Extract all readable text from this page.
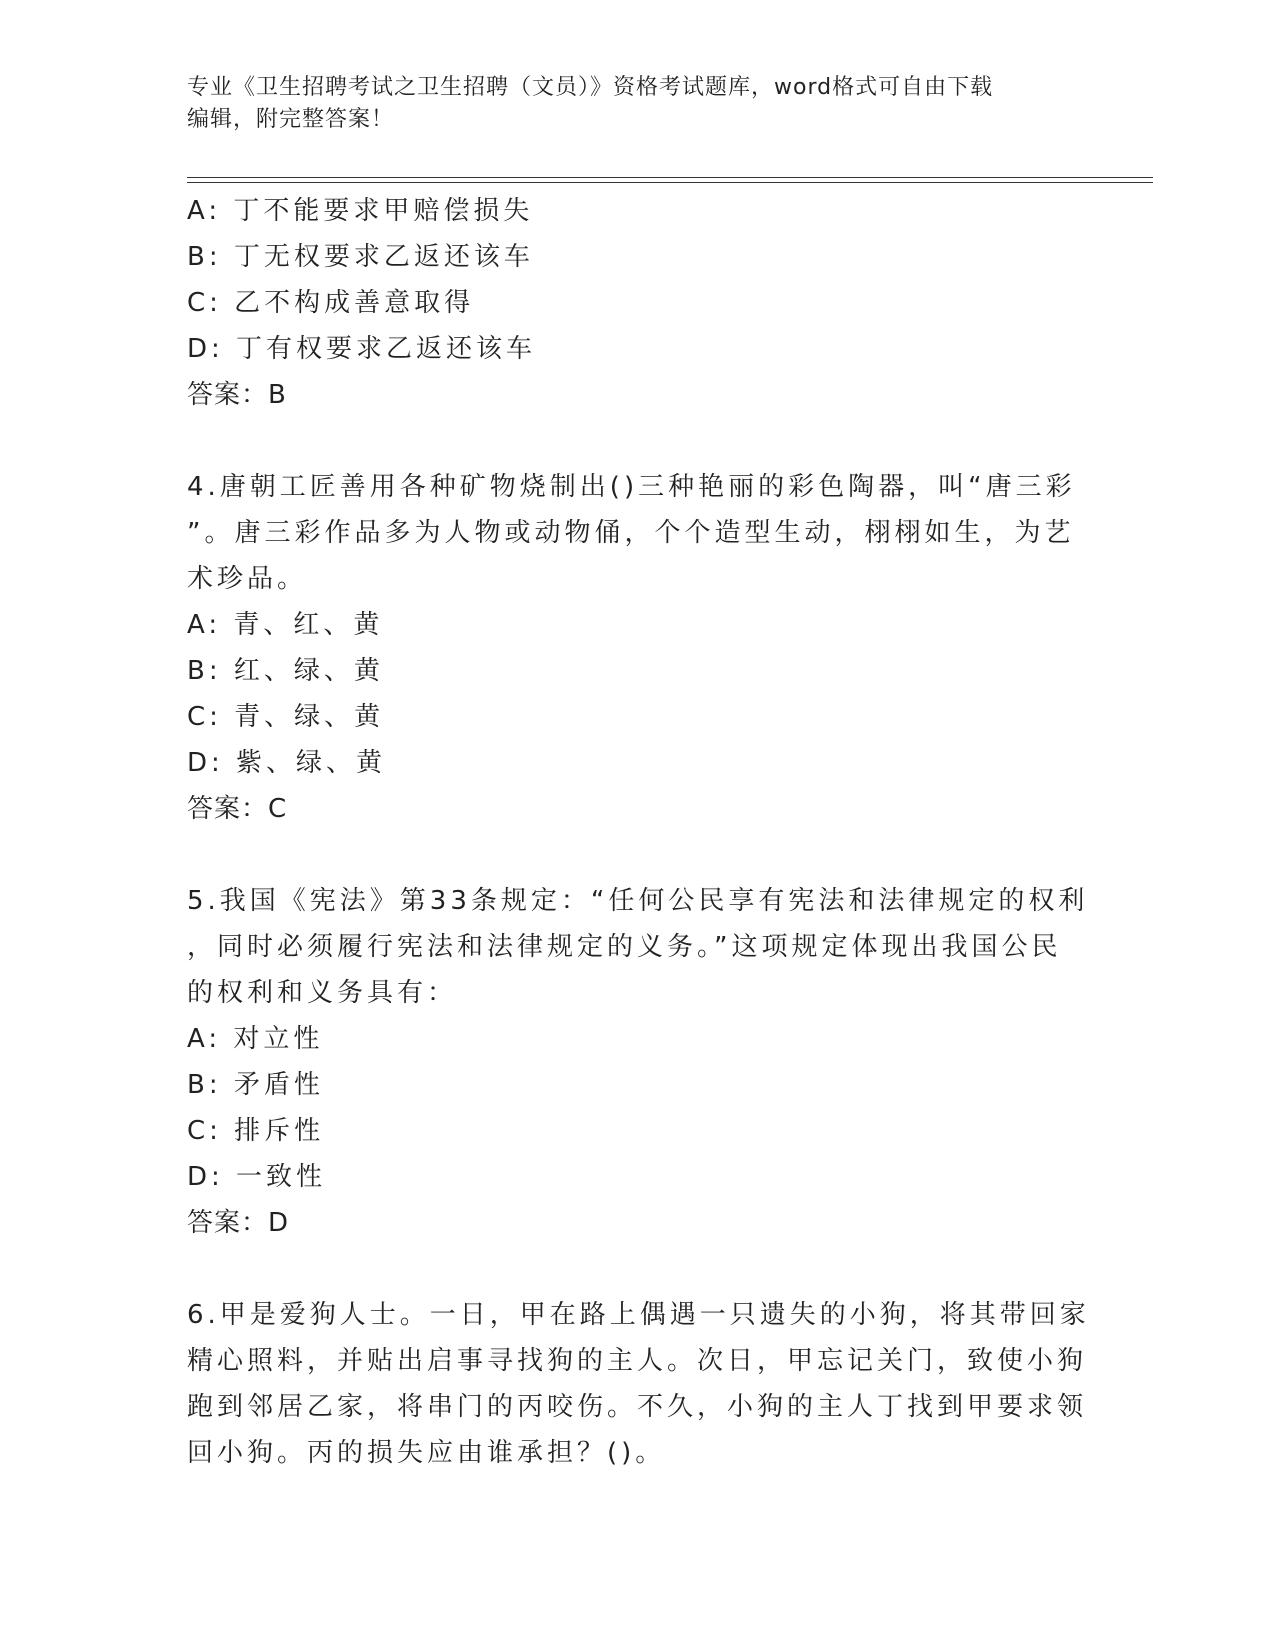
专业《卫生招聘考试之卫生招聘（文员）》资格考试题库，word格式可自由下载
编辑，附完整答案！
A: 丁不能要求甲赔偿损失
B: 丁无权要求乙返还该车
C: 乙不构成善意取得
D: 丁有权要求乙返还该车
答案：B
4.唐朝工匠善用各种矿物烧制出()三种艳丽的彩色陶器，叫“唐三彩
”。唐三彩作品多为人物或动物俑，个个造型生动，栩栩如生，为艺
术珍品。
A: 青、红、黄
B: 红、绿、黄
C: 青、绿、黄
D: 紫、绿、黄
答案：C
5.我国《宪法》第33条规定：“任何公民享有宪法和法律规定的权利
，同时必须履行宪法和法律规定的义务。”这项规定体现出我国公民
的权利和义务具有：
A: 对立性
B: 矛盾性
C: 排斥性
D: 一致性
答案：D
6.甲是爱狗人士。一日，甲在路上偶遇一只遗失的小狗，将其带回家
精心照料，并贴出启事寻找狗的主人。次日，甲忘记关门，致使小狗
跑到邻居乙家，将串门的丙咬伤。不久，小狗的主人丁找到甲要求领
回小狗。丙的损失应由谁承担？()。
